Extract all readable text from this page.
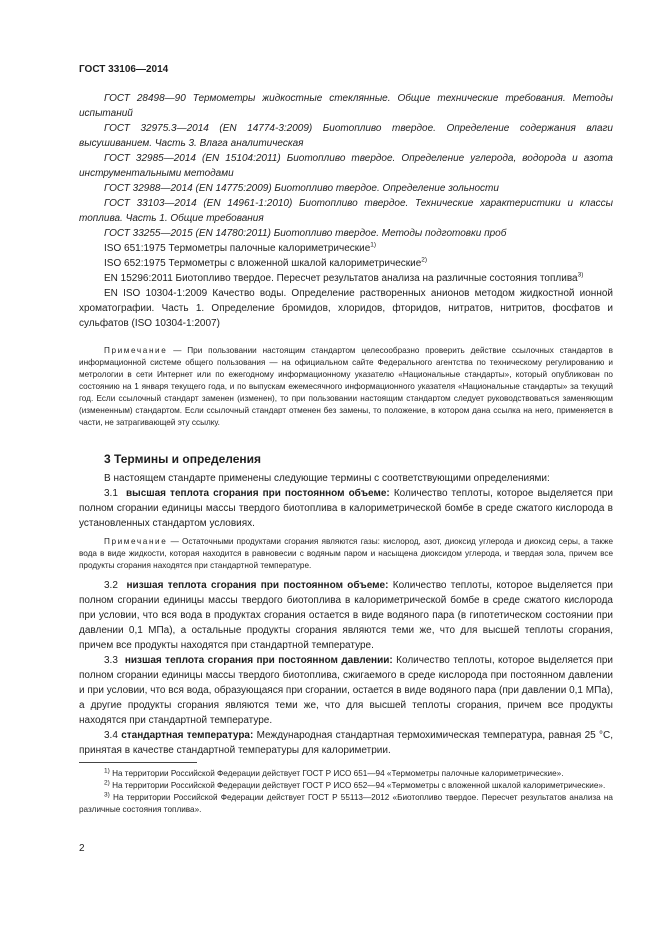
ГОСТ 33106—2014

ГОСТ 28498—90 Термометры жидкостные стеклянные. Общие технические требования. Методы испытаний

ГОСТ 32975.3—2014 (EN 14774-3:2009) Биотопливо твердое. Определение содержания влаги высушиванием. Часть 3. Влага аналитическая

ГОСТ 32985—2014 (EN 15104:2011) Биотопливо твердое. Определение углерода, водорода и азота инструментальными методами

ГОСТ 32988—2014 (EN 14775:2009) Биотопливо твердое. Определение зольности

ГОСТ 33103—2014 (EN 14961-1:2010) Биотопливо твердое. Технические характеристики и классы топлива. Часть 1. Общие требования

ГОСТ 33255—2015 (EN 14780:2011) Биотопливо твердое. Методы подготовки проб

ISO 651:1975 Термометры палочные калориметрические$^{1)}$

ISO 652:1975 Термометры с вложенной шкалой калориметрические$^{2)}$

EN 15296:2011 Биотопливо твердое. Пересчет результатов анализа на различные состояния топлива$^{3)}$

EN ISO 10304-1:2009 Качество воды. Определение растворенных анионов методом жидкостной ионной хроматографии. Часть 1. Определение бромидов, хлоридов, фторидов, нитратов, нитритов, фосфатов и сульфатов (ISO 10304-1:2007)

Примечание — При пользовании настоящим стандартом целесообразно проверить действие ссылочных стандартов в информационной системе общего пользования — на официальном сайте Федерального агентства по техническому регулированию и метрологии в сети Интернет или по ежегодному информационному указателю «Национальные стандарты», который опубликован по состоянию на 1 января текущего года, и по выпускам ежемесячного информационного указателя «Национальные стандарты» за текущий год. Если ссылочный стандарт заменен (изменен), то при пользовании настоящим стандартом следует руководствоваться заменяющим (измененным) стандартом. Если ссылочный стандарт отменен без замены, то положение, в котором дана ссылка на него, применяется в части, не затрагивающей эту ссылку.

3 Термины и определения

В настоящем стандарте применены следующие термины с соответствующими определениями:

3.1 высшая теплота сгорания при постоянном объеме: Количество теплоты, которое выделяется при полном сгорании единицы массы твердого биотоплива в калориметрической бомбе в среде сжатого кислорода в установленных стандартом условиях.

Примечание — Остаточными продуктами сгорания являются газы: кислород, азот, диоксид углерода и диоксид серы, а также вода в виде жидкости, которая находится в равновесии с водяным паром и насыщена диоксидом углерода, и твердая зола, причем все продукты сгорания находятся при стандартной температуре.

3.2 низшая теплота сгорания при постоянном объеме: Количество теплоты, которое выделяется при полном сгорании единицы массы твердого биотоплива в калориметрической бомбе в среде сжатого кислорода при условии, что вся вода в продуктах сгорания остается в виде водяного пара (в гипотетическом состоянии при давлении 0,1 МПа), а остальные продукты сгорания являются теми же, что для высшей теплоты сгорания, причем все продукты находятся при стандартной температуре.

3.3 низшая теплота сгорания при постоянном давлении: Количество теплоты, которое выделяется при полном сгорании единицы массы твердого биотоплива, сжигаемого в среде кислорода при постоянном давлении и при условии, что вся вода, образующаяся при сгорании, остается в виде водяного пара (при давлении 0,1 МПа), а другие продукты сгорания являются теми же, что для высшей теплоты сгорания, причем все продукты находятся при стандартной температуре.

3.4 стандартная температура: Международная стандартная термохимическая температура, равная 25 °С, принятая в качестве стандартной температуры для калориметрии.

$^{1)}$ На территории Российской Федерации действует ГОСТ Р ИСО 651—94 «Термометры палочные калориметрические».

$^{2)}$ На территории Российской Федерации действует ГОСТ Р ИСО 652—94 «Термометры с вложенной шкалой калориметрические».

$^{3)}$ На территории Российской Федерации действует ГОСТ Р 55113—2012 «Биотопливо твердое. Пересчет результатов анализа на различные состояния топлива».

2
